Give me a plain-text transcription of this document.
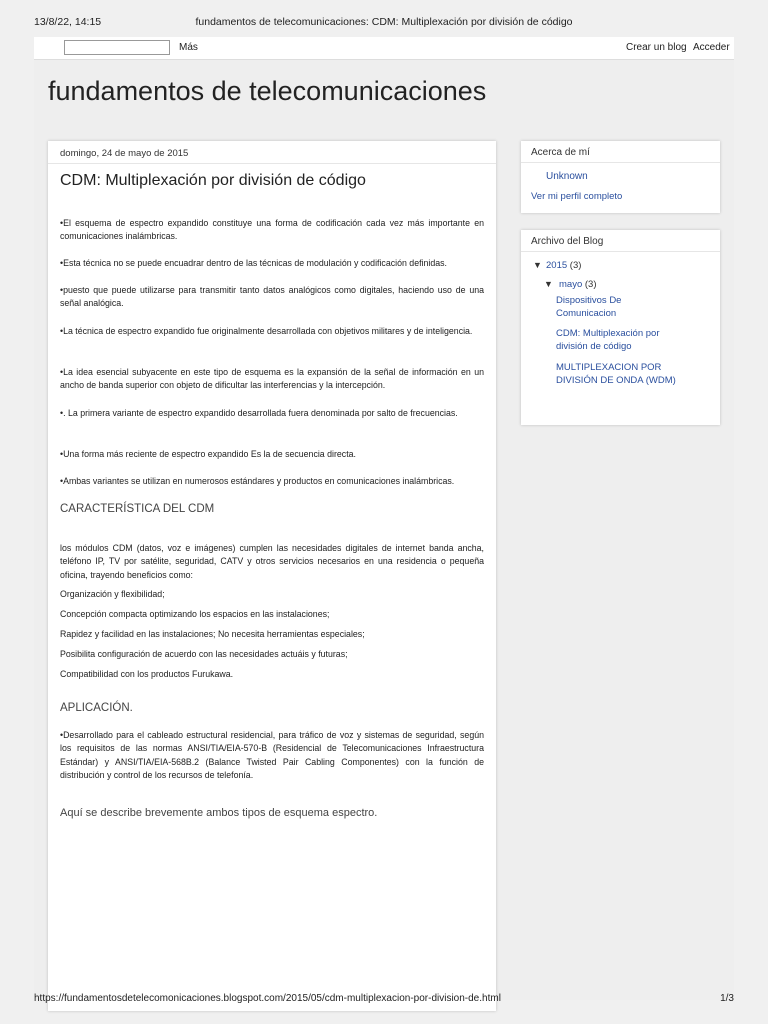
13/8/22, 14:15	fundamentos de telecomunicaciones: CDM: Multiplexación por división de código
Más	Crear un blog Acceder
fundamentos de telecomunicaciones
domingo, 24 de mayo de 2015
CDM: Multiplexación por división de código

•El esquema de espectro expandido constituye una forma de codificación cada vez más importante en comunicaciones inalámbricas.

•Esta técnica no se puede encuadrar dentro de las técnicas de modulación y codificación definidas.

•puesto que puede utilizarse para transmitir tanto datos analógicos como digitales, haciendo uso de una señal analógica.

•La técnica de espectro expandido fue originalmente desarrollada con objetivos militares y de inteligencia.

•La idea esencial subyacente en este tipo de esquema es la expansión de la señal de información en un ancho de banda superior con objeto de dificultar las interferencias y la intercepción.

•. La primera variante de espectro expandido desarrollada fuera denominada por salto de frecuencias.

•Una forma más reciente de espectro expandido Es la de secuencia directa.

•Ambas variantes se utilizan en numerosos estándares y productos en comunicaciones inalámbricas.

CARACTERÍSTICA DEL CDM

los módulos CDM (datos, voz e imágenes) cumplen las necesidades digitales de internet banda ancha, teléfono IP, TV por satélite, seguridad, CATV y otros servicios necesarios en una residencia o pequeña oficina, trayendo beneficios como:

Organización y flexibilidad;

Concepción compacta optimizando los espacios en las instalaciones;

Rapidez y facilidad en las instalaciones; No necesita herramientas especiales;

Posibilita configuración de acuerdo con las necesidades actuáis y futuras;

Compatibilidad con los productos Furukawa.

APLICACIÓN.

•Desarrollado para el cableado estructural residencial, para tráfico de voz y sistemas de seguridad, según los requisitos de las normas ANSI/TIA/EIA-570-B (Residencial de Telecomunicaciones Infraestructura Estándar) y ANSI/TIA/EIA-568B.2 (Balance Twisted Pair Cabling Componentes) con la función de distribución y control de los recursos de telefonía.

Aquí se describe brevemente ambos tipos de esquema espectro.
Acerca de mí
Unknown
Ver mi perfil completo
Archivo del Blog
▼ 2015 (3)
▼ mayo (3)
Dispositivos De Comunicacion
CDM: Multiplexación por división de código
MULTIPLEXACION POR DIVISIÓN DE ONDA (WDM)
https://fundamentosdetelecomonicaciones.blogspot.com/2015/05/cdm-multiplexacion-por-division-de.html	1/3
